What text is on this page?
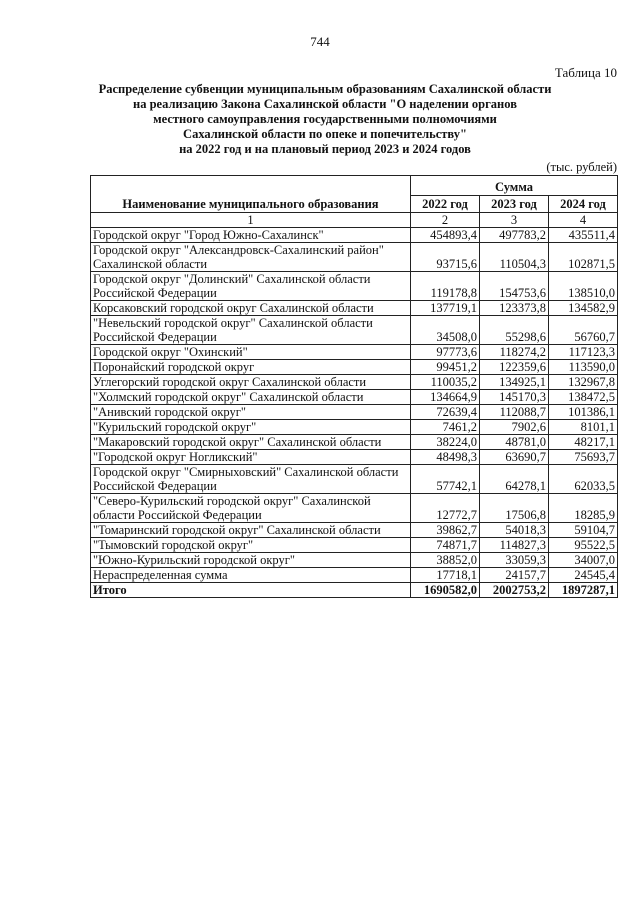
744
Таблица 10
Распределение субвенции муниципальным образованиям Сахалинской области
на реализацию Закона Сахалинской области "О наделении органов
местного самоуправления государственными полномочиями
Сахалинской области по опеке и попечительству"
на 2022 год и на плановый период 2023 и 2024 годов
(тыс. рублей)
Наименование муниципального образования	Сумма		
	2022 год	2023 год	2024 год
1	2	3	4
Городской округ "Город Южно-Сахалинск"	454893,4	497783,2	435511,4
Городской округ "Александровск-Сахалинский район" Сахалинской области	93715,6	110504,3	102871,5
Городской округ "Долинский" Сахалинской области Российской Федерации	119178,8	154753,6	138510,0
Корсаковский городской округ Сахалинской области	137719,1	123373,8	134582,9
"Невельский городской округ" Сахалинской области Российской Федерации	34508,0	55298,6	56760,7
Городской округ "Охинский"	97773,6	118274,2	117123,3
Поронайский городской округ	99451,2	122359,6	113590,0
Углегорский городской округ Сахалинской области	110035,2	134925,1	132967,8
"Холмский городской округ" Сахалинской области	134664,9	145170,3	138472,5
"Анивский городской округ"	72639,4	112088,7	101386,1
"Курильский городской округ"	7461,2	7902,6	8101,1
"Макаровский городской округ" Сахалинской области	38224,0	48781,0	48217,1
"Городской округ Ногликский"	48498,3	63690,7	75693,7
Городской округ "Смирныховский" Сахалинской области Российской Федерации	57742,1	64278,1	62033,5
"Северо-Курильский городской округ" Сахалинской области Российской Федерации	12772,7	17506,8	18285,9
"Томаринский городской округ" Сахалинской области	39862,7	54018,3	59104,7
"Тымовский городской округ"	74871,7	114827,3	95522,5
"Южно-Курильский городской округ"	38852,0	33059,3	34007,0
Нераспределенная сумма	17718,1	24157,7	24545,4
Итого	1690582,0	2002753,2	1897287,1
